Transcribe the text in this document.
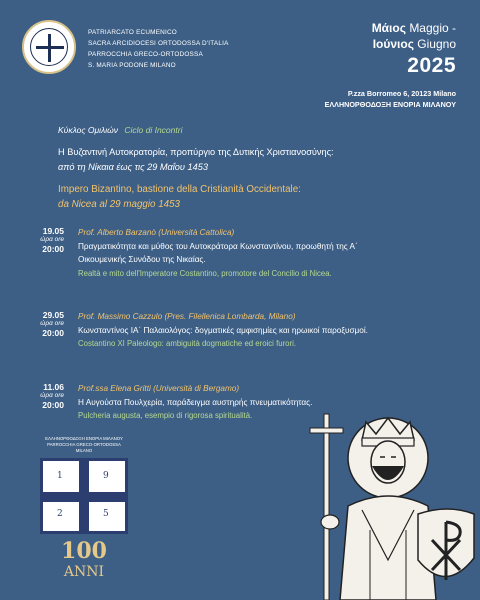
PATRIARCATO ECUMENICO
SACRA ARCIDIOCESI ORTODOSSA D'ITALIA
PARROCCHIA GRECO-ORTODOSSA
S. MARIA PODONE MILANO
Μάιος Maggio -
Ιούνιος Giugno
2025
P.zza Borromeo 6, 20123 Milano
ΕΛΛΗΝΟΡΘΟΔΟΞΗ ΕΝΟΡΙΑ ΜΙΛΑΝΟΥ
Κύκλος Ομιλιών Ciclo di Incontri
Η Βυζαντινή Αυτοκρατορία, προπύργιο της Δυτικής Χριστιανοσύνης:
από τη Νίκαια έως τις 29 Μαΐου 1453
Impero Bizantino, bastione della Cristianità Occidentale:
da Nicea al 29 maggio 1453
19.05
ώρα ore
20:00
Prof. Alberto Barzanò (Università Cattolica)
Πραγματικότητα και μύθος του Αυτοκράτορα Κωνσταντίνου, προωθητή της Α΄ Οικουμενικής Συνόδου της Νικαίας.
Realtà e mito dell'Imperatore Costantino, promotore del Concilio di Nicea.
29.05
ώρα ore
20:00
Prof. Massimo Cazzulo (Pres. Filellenica Lombarda, Milano)
Κωνσταντίνος ΙΑ΄ Παλαιολόγος: δογματικές αμφισημίες και ηρωικοί παροξυσμοί.
Costantino XI Paleologo: ambiguità dogmatiche ed eroici furori.
11.06
ώρα ore
20:00
Prof.ssa Elena Gritti (Università di Bergamo)
Η Αυγούστα Πουλχερία, παράδειγμα αυστηρής πνευματικότητας.
Pulcheria augusta, esempio di rigorosa spiritualità.
ΕΛΛΗΝΟΡΘΟΔΟΞΗ ΕΝΟΡΙΑ ΜΙΛΑΝΟΥ
PARROCCHIA GRECO-ORTODOSSA MILANO
1	9
2	5
100 ANNI
